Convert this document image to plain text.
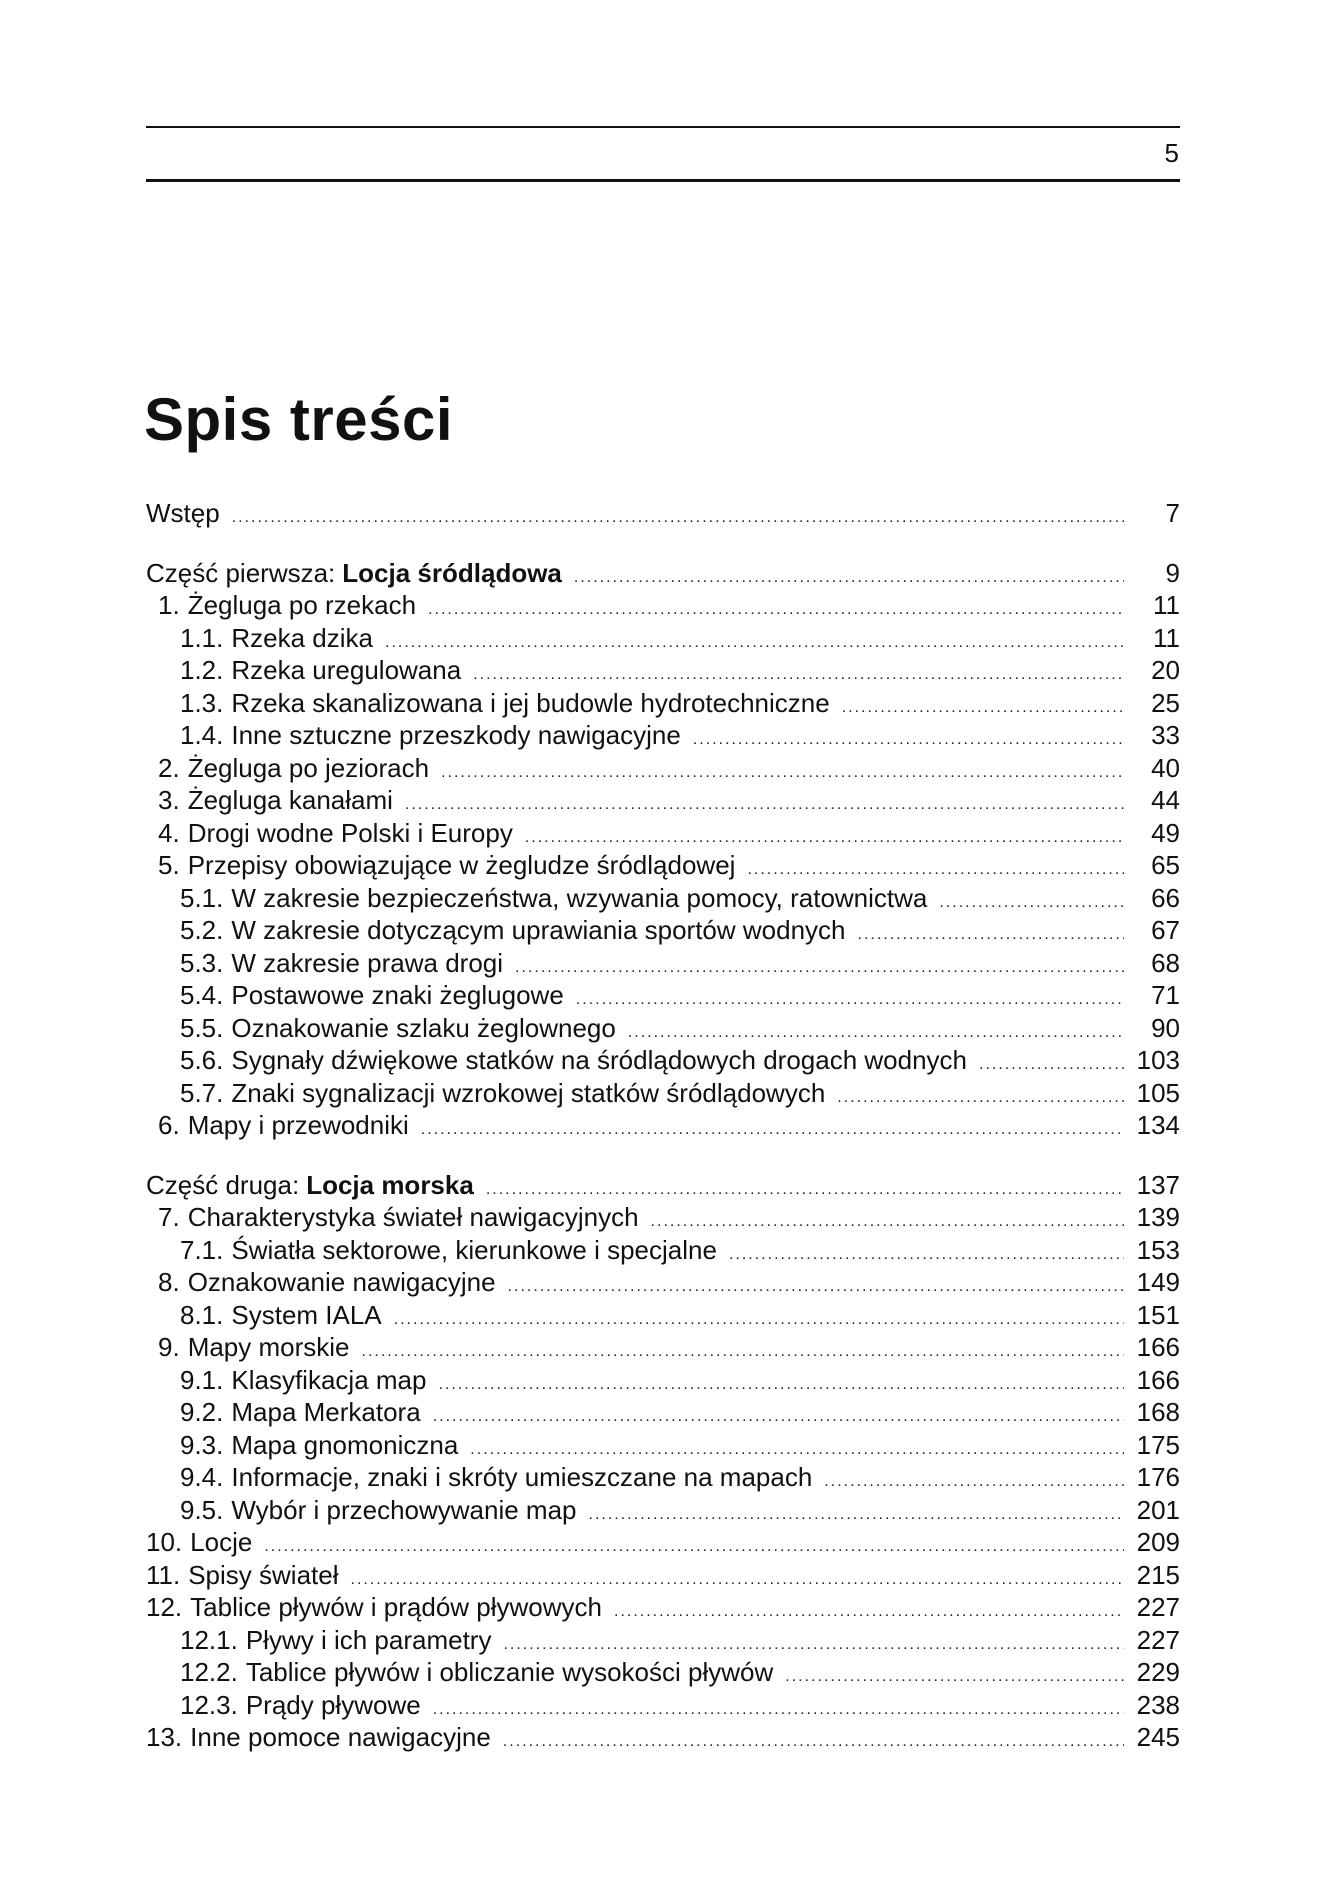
5
Spis treści
Wstęp .....	7
Część pierwsza: Locja śródlądowa .....	9
1. Żegluga po rzekach .....	11
1.1. Rzeka dzika .....	11
1.2. Rzeka uregulowana .....	20
1.3. Rzeka skanalizowana i jej budowle hydrotechniczne .....	25
1.4. Inne sztuczne przeszkody nawigacyjne .....	33
2. Żegluga po jeziorach .....	40
3. Żegluga kanałami .....	44
4. Drogi wodne Polski i Europy .....	49
5. Przepisy obowiązujące w żegludze śródlądowej .....	65
5.1. W zakresie bezpieczeństwa, wzywania pomocy, ratownictwa .....	66
5.2. W zakresie dotyczącym uprawiania sportów wodnych .....	67
5.3. W zakresie prawa drogi .....	68
5.4. Postawowe znaki żeglugowe .....	71
5.5. Oznakowanie szlaku żeglownego .....	90
5.6. Sygnały dźwiękowe statków na śródlądowych drogach wodnych .....	103
5.7. Znaki sygnalizacji wzrokowej statków śródlądowych .....	105
6. Mapy i przewodniki .....	134
Część druga: Locja morska .....	137
7. Charakterystyka świateł nawigacyjnych .....	139
7.1. Światła sektorowe, kierunkowe i specjalne .....	153
8. Oznakowanie nawigacyjne .....	149
8.1. System IALA .....	151
9. Mapy morskie .....	166
9.1. Klasyfikacja map .....	166
9.2. Mapa Merkatora .....	168
9.3. Mapa gnomoniczna .....	175
9.4. Informacje, znaki i skróty umieszczane na mapach .....	176
9.5. Wybór i przechowywanie map .....	201
10. Locje .....	209
11. Spisy świateł .....	215
12. Tablice pływów i prądów pływowych .....	227
12.1. Pływy i ich parametry .....	227
12.2. Tablice pływów i obliczanie wysokości pływów .....	229
12.3. Prądy pływowe .....	238
13. Inne pomoce nawigacyjne .....	245
